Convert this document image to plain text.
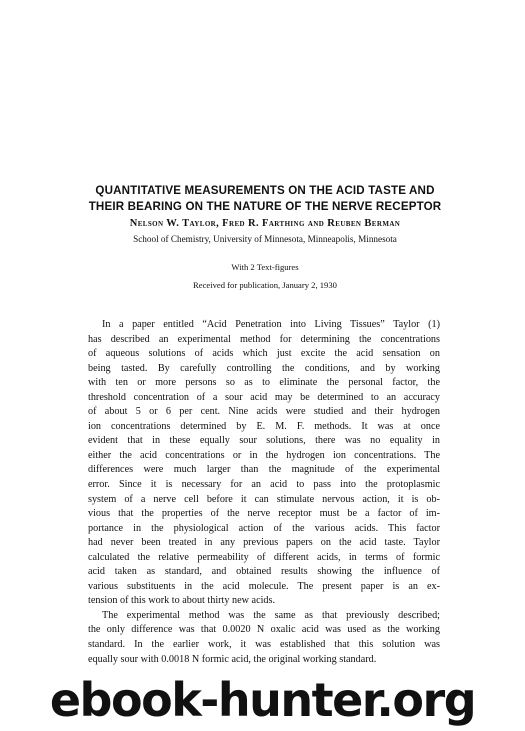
QUANTITATIVE MEASUREMENTS ON THE ACID TASTE AND
THEIR BEARING ON THE NATURE OF THE NERVE RECEPTOR
Nelson W. Taylor, Fred R. Farthing and Reuben Berman
School of Chemistry, University of Minnesota, Minneapolis, Minnesota
With 2 Text-figures
Received for publication, January 2, 1930

In a paper entitled “Acid Penetration into Living Tissues” Taylor (1)
has described an experimental method for determining the concentrations
of aqueous solutions of acids which just excite the acid sensation on
being tasted. By carefully controlling the conditions, and by working
with ten or more persons so as to eliminate the personal factor, the
threshold concentration of a sour acid may be determined to an accuracy
of about 5 or 6 per cent. Nine acids were studied and their hydrogen
ion concentrations determined by E. M. F. methods. It was at once
evident that in these equally sour solutions, there was no equality in
either the acid concentrations or in the hydrogen ion concentrations. The
differences were much larger than the magnitude of the experimental
error. Since it is necessary for an acid to pass into the protoplasmic
system of a nerve cell before it can stimulate nervous action, it is ob-
vious that the properties of the nerve receptor must be a factor of im-
portance in the physiological action of the various acids. This factor
had never been treated in any previous papers on the acid taste. Taylor
calculated the relative permeability of different acids, in terms of formic
acid taken as standard, and obtained results showing the influence of
various substituents in the acid molecule. The present paper is an ex-
tension of this work to about thirty new acids.

The experimental method was the same as that previously described;
the only difference was that 0.0020 N oxalic acid was used as the working
standard. In the earlier work, it was established that this solution was
equally sour with 0.0018 N formic acid, the original working standard.

ebook-hunter.org
